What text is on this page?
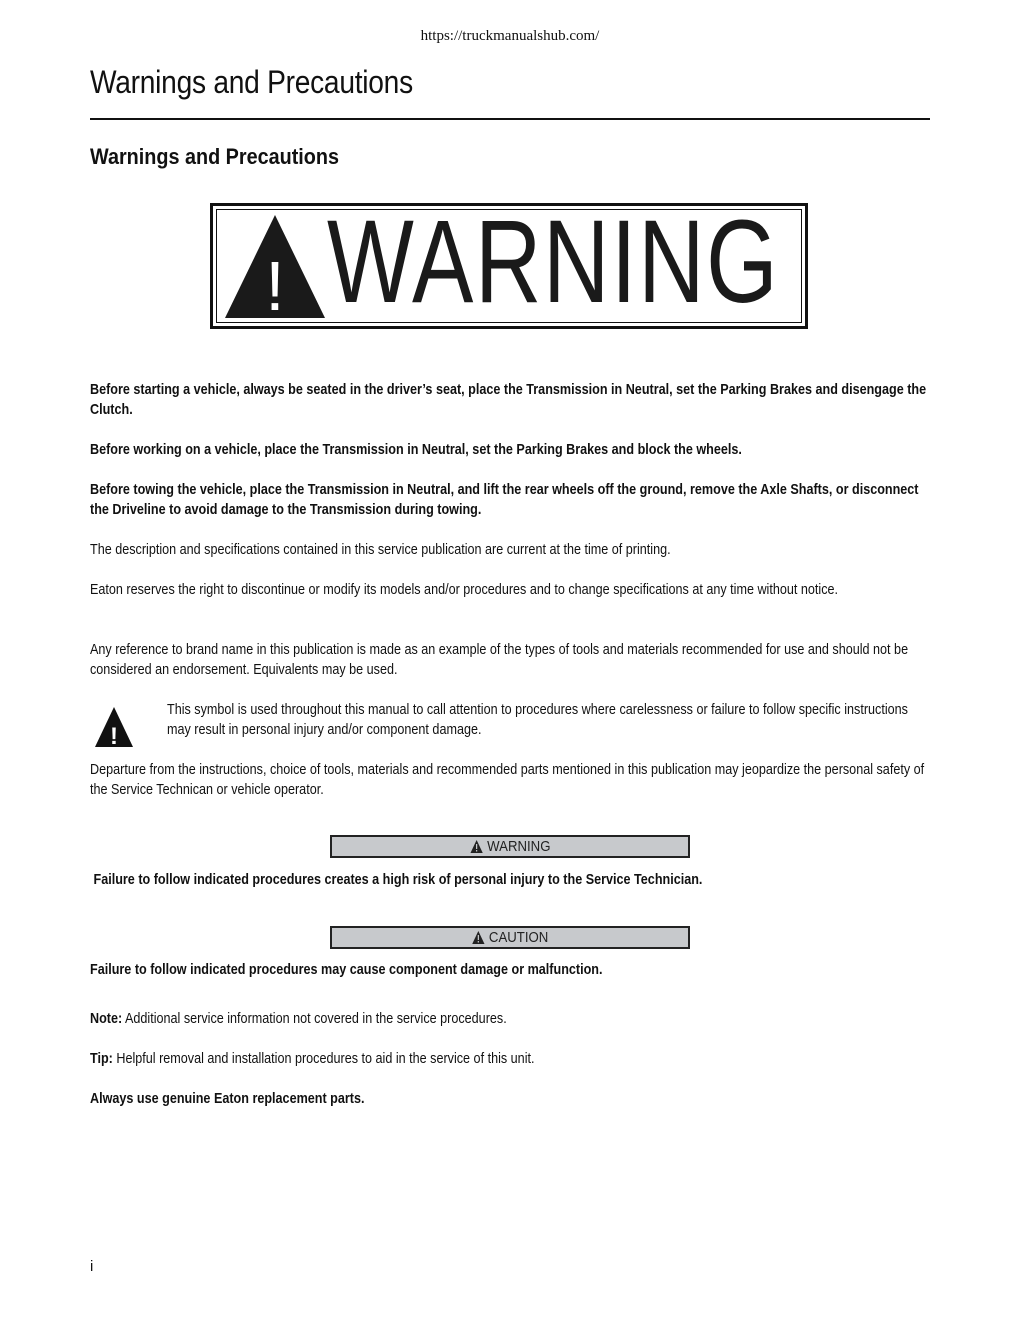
https://truckmanualshub.com/
Warnings and Precautions
Warnings and Precautions
! WARNING
Before starting a vehicle, always be seated in the driver’s seat, place the Transmission in Neutral, set the Parking Brakes and disengage the Clutch.
Before working on a vehicle, place the Transmission in Neutral, set the Parking Brakes and block the wheels.
Before towing the vehicle, place the Transmission in Neutral, and lift the rear wheels off the ground, remove the Axle Shafts, or disconnect the Driveline to avoid damage to the Transmission during towing.
The description and specifications contained in this service publication are current at the time of printing.
Eaton reserves the right to discontinue or modify its models and/or procedures and to change specifications at any time without notice.
Any reference to brand name in this publication is made as an example of the types of tools and materials recommended for use and should not be considered an endorsement. Equivalents may be used.
!
This symbol is used throughout this manual to call attention to procedures where carelessness or failure to follow specific instructions may result in personal injury and/or component damage.
Departure from the instructions, choice of tools, materials and recommended parts mentioned in this publication may jeopardize the personal safety of the Service Technican or vehicle operator.
WARNING
Failure to follow indicated procedures creates a high risk of personal injury to the Service Technician.
CAUTION
Failure to follow indicated procedures may cause component damage or malfunction.
Note: Additional service information not covered in the service procedures.
Tip: Helpful removal and installation procedures to aid in the service of this unit.
Always use genuine Eaton replacement parts.
i
